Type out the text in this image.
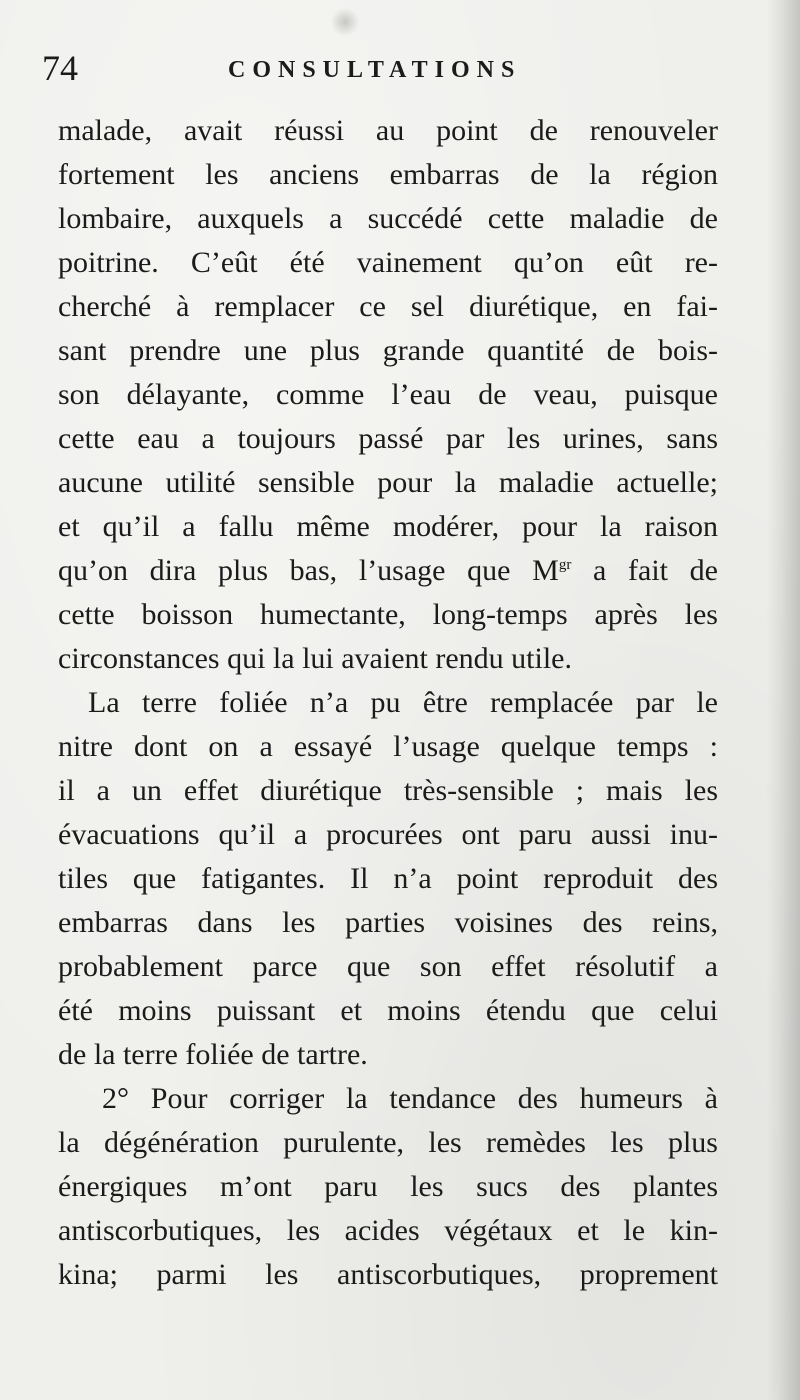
74	CONSULTATIONS
malade, avait réussi au point de renouveler
fortement les anciens embarras de la région
lombaire, auxquels a succédé cette maladie de
poitrine. C’eût été vainement qu’on eût re-
cherché à remplacer ce sel diurétique, en fai-
sant prendre une plus grande quantité de bois-
son délayante, comme l’eau de veau, puisque
cette eau a toujours passé par les urines, sans
aucune utilité sensible pour la maladie actuelle;
et qu’il a fallu même modérer, pour la raison
qu’on dira plus bas, l’usage que $M^{gr}$ a fait de
cette boisson humectante, long-temps après les
circonstances qui la lui avaient rendu utile.
La terre foliée n’a pu être remplacée par le
nitre dont on a essayé l’usage quelque temps :
il a un effet diurétique très-sensible ; mais les
évacuations qu’il a procurées ont paru aussi inu-
tiles que fatigantes. Il n’a point reproduit des
embarras dans les parties voisines des reins,
probablement parce que son effet résolutif a
été moins puissant et moins étendu que celui
de la terre foliée de tartre.
2° Pour corriger la tendance des humeurs à
la dégénération purulente, les remèdes les plus
énergiques m’ont paru les sucs des plantes
antiscorbutiques, les acides végétaux et le kin-
kina; parmi les antiscorbutiques, proprement
